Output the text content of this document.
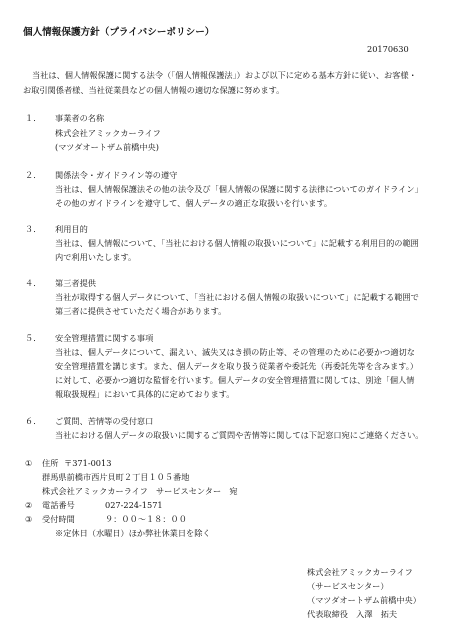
個人情報保護方針（プライバシーポリシー）
20170630
当社は、個人情報保護に関する法令（「個人情報保護法」）および以下に定める基本方針に従い、お客様・
お取引関係者様、当社従業員などの個人情報の適切な保護に努めます。
１． 事業者の名称
株式会社アミックカーライフ
(マツダオートザム前橋中央)
２． 関係法令・ガイドライン等の遵守
当社は、個人情報保護法その他の法令及び「個人情報の保護に関する法律についてのガイドライン」
その他のガイドラインを遵守して、個人データの適正な取扱いを行います。
３． 利用目的
当社は、個人情報について、「当社における個人情報の取扱いについて」に記載する利用目的の範囲
内で利用いたします。
４． 第三者提供
当社が取得する個人データについて、「当社における個人情報の取扱いについて」に記載する範囲で
第三者に提供させていただく場合があります。
５． 安全管理措置に関する事項
当社は、個人データについて、漏えい、滅失又はき損の防止等、その管理のために必要かつ適切な
安全管理措置を講じます。また、個人データを取り扱う従業者や委託先（再委託先等を含みます。）
に対して、必要かつ適切な監督を行います。個人データの安全管理措置に関しては、別途「個人情
報取扱規程」において具体的に定めております。
６． ご質問、苦情等の受付窓口
当社における個人データの取扱いに関するご質問や苦情等に関しては下記窓口宛にご連絡ください。
① 住所 〒371-0013
群馬県前橋市西片貝町２丁目１０５番地
株式会社アミックカーライフ　サービスセンター　宛
② 電話番号	027-224-1571
③ 受付時間	９：００～１８：００
※定休日（水曜日）ほか弊社休業日を除く
株式会社アミックカーライフ
（サービスセンター）
（マツダオートザム前橋中央）
代表取締役　入澤　拓夫
